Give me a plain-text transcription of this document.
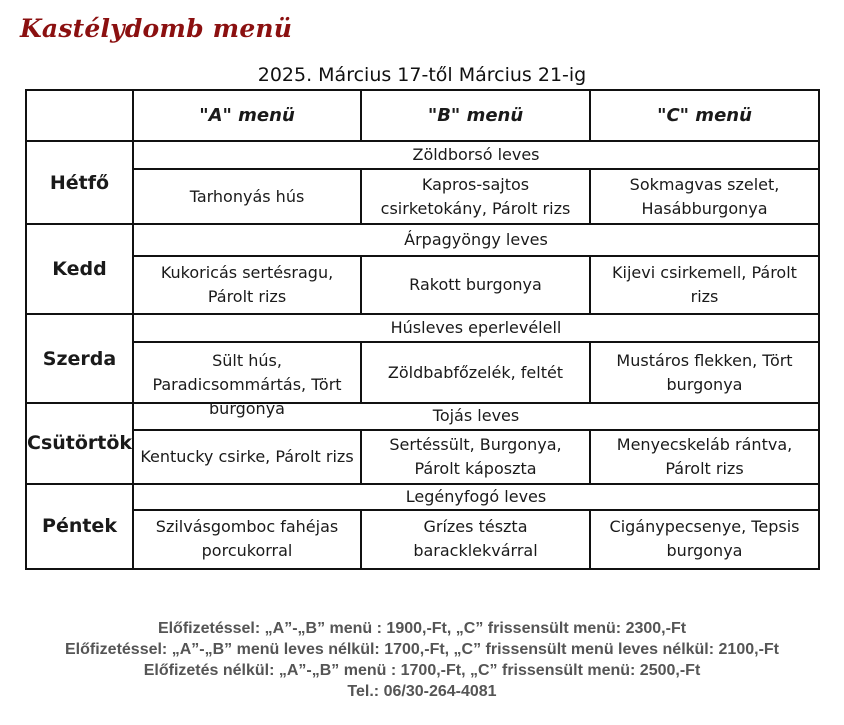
Kastélydomb menü
2025. Március 17-től Március 21-ig
	"A" menü	"B" menü	"C" menü
Hétfő	Zöldborsó leves		

	Tarhonyás hús	Kapros-sajtos csirketokány, Párolt rizs	Sokmagvas szelet, Hasábburgonya

Kedd	Árpagyöngy leves		

	Kukoricás sertésragu, Párolt rizs	Rakott burgonya	Kijevi csirkemell, Párolt rizs

Szerda	Húsleves eperlevélell		

	Sült hús, Paradicsommártás, Tört burgonya	Zöldbabfőzelék, feltét	Mustáros flekken, Tört burgonya

Csütörtök	Tojás leves		

	Kentucky csirke, Párolt rizs	Sertéssült, Burgonya, Párolt káposzta	Menyecskeláb rántva, Párolt rizs

Péntek	Legényfogó leves		

	Szilvásgomboc fahéjas porcukorral	Grízes tészta baracklekvárral	Cigánypecsenye, Tepsis burgonya
Előfizetéssel: „A”-„B” menü : 1900,-Ft, „C” frissensült menü: 2300,-Ft
Előfizetéssel: „A”-„B” menü leves nélkül: 1700,-Ft, „C” frissensült menü leves nélkül: 2100,-Ft
Előfizetés nélkül: „A”-„B” menü : 1700,-Ft, „C” frissensült menü: 2500,-Ft
Tel.: 06/30-264-4081
